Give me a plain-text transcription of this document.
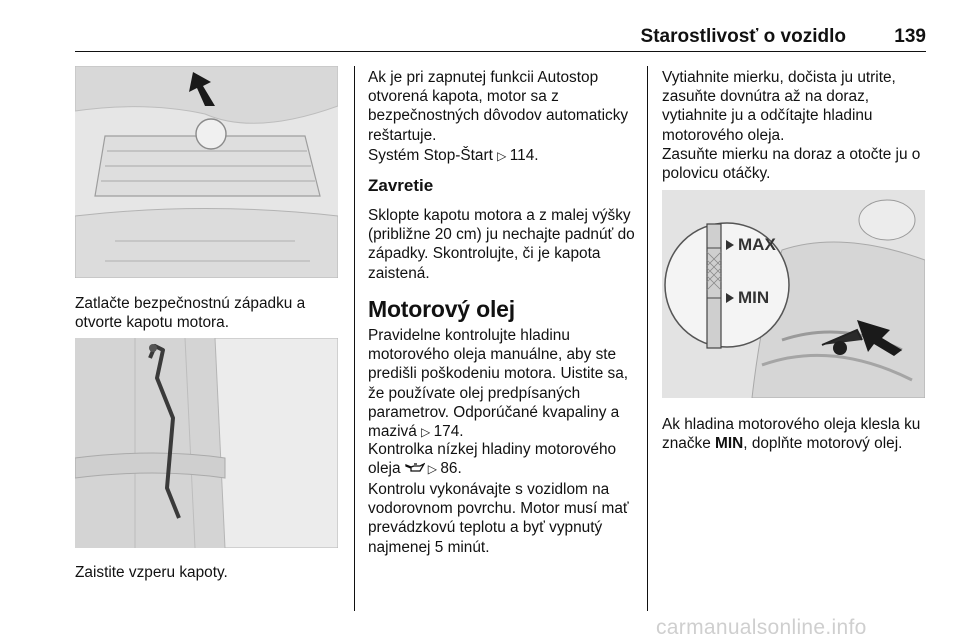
Starostlivosť o vozidlo	139
Zatlačte bezpečnostnú západku a otvorte kapotu motora.
Zaistite vzperu kapoty.
Ak je pri zapnutej funkcii Autostop otvorená kapota, motor sa z bezpečnostných dôvodov automaticky reštartuje.
Systém Stop-Štart ▷ 114.
Zavretie
Sklopte kapotu motora a z malej výšky (približne 20 cm) ju nechajte padnúť do západky. Skontrolujte, či je kapota zaistená.
Motorový olej
Pravidelne kontrolujte hladinu motorového oleja manuálne, aby ste predišli poškodeniu motora. Uistite sa, že používate olej predpísaných parametrov. Odporúčané kvapaliny a mazivá ▷ 174.
Kontrolka nízkej hladiny motorového oleja ▷ 86.
Kontrolu vykonávajte s vozidlom na vodorovnom povrchu. Motor musí mať prevádzkovú teplotu a byť vypnutý najmenej 5 minút.
Vytiahnite mierku, dočista ju utrite, zasuňte dovnútra až na doraz, vytiahnite ju a odčítajte hladinu motorového oleja.
Zasuňte mierku na doraz a otočte ju o polovicu otáčky.
MAX
MIN
Ak hladina motorového oleja klesla ku značke MIN, doplňte motorový olej.
carmanualsonline.info
